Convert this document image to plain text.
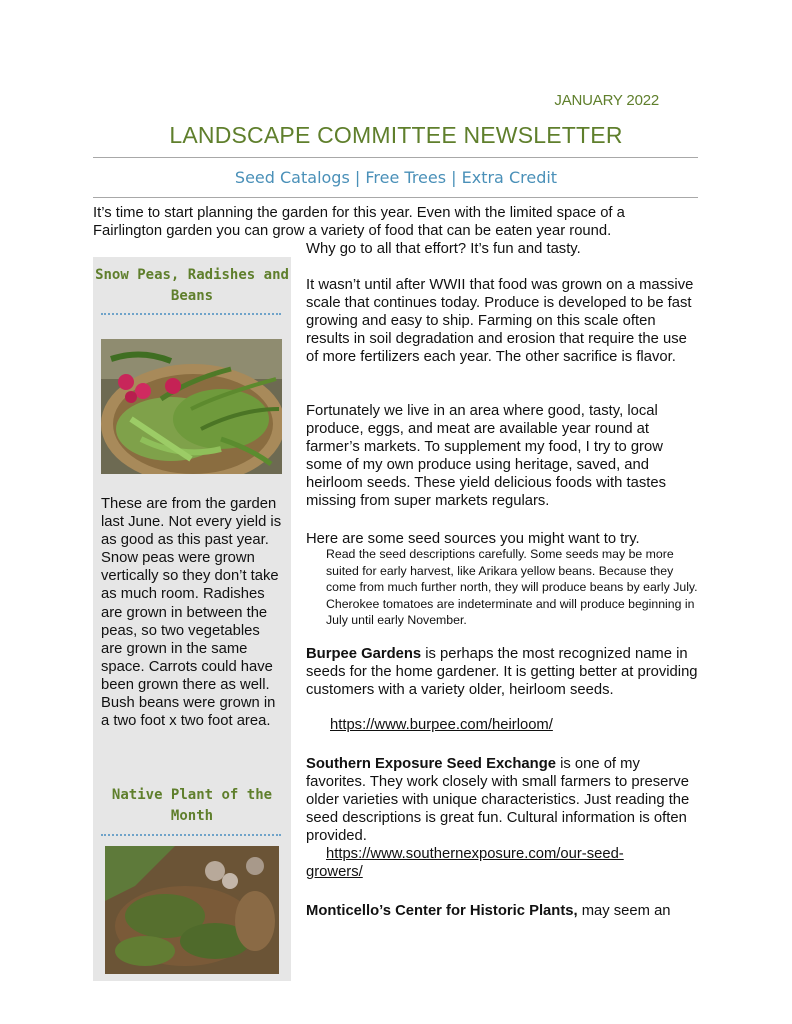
JANUARY 2022
LANDSCAPE COMMITTEE NEWSLETTER
Seed Catalogs | Free Trees | Extra Credit
It’s time to start planning the garden for this year. Even with the limited space of a
Fairlington garden you can grow a variety of food that can be eaten year round.
Why go to all that effort? It’s fun and tasty.
Snow Peas, Radishes and Beans
These are from the garden last June. Not every yield is as good as this past year. Snow peas were grown vertically so they don’t take as much room. Radishes are grown in between the peas, so two vegetables are grown in the same space. Carrots could have been grown there as well. Bush beans were grown in a two foot x two foot area.
Native Plant of the Month
It wasn’t until after WWII that food was grown on a massive scale that continues today. Produce is developed to be fast growing and easy to ship. Farming on this scale often results in soil degradation and erosion that require the use of more fertilizers each year. The other sacrifice is flavor.
Fortunately we live in an area where good, tasty, local produce, eggs, and meat are available year round at farmer’s markets. To supplement my food, I try to grow some of my own produce using heritage, saved, and heirloom seeds. These yield delicious foods with tastes missing from super markets regulars.
Here are some seed sources you might want to try.
Read the seed descriptions carefully. Some seeds may be more suited for early harvest, like Arikara yellow beans. Because they come from much further north, they will produce beans by early July. Cherokee tomatoes are indeterminate and will produce beginning in July until early November.
Burpee Gardens is perhaps the most recognized name in seeds for the home gardener. It is getting better at providing customers with a variety older, heirloom seeds.
https://www.burpee.com/heirloom/
Southern Exposure Seed Exchange is one of my favorites. They work closely with small farmers to preserve older varieties with unique characteristics. Just reading the seed descriptions is great fun. Cultural information is often provided.
https://www.southernexposure.com/our-seed-
growers/
Monticello’s Center for Historic Plants, may seem an
